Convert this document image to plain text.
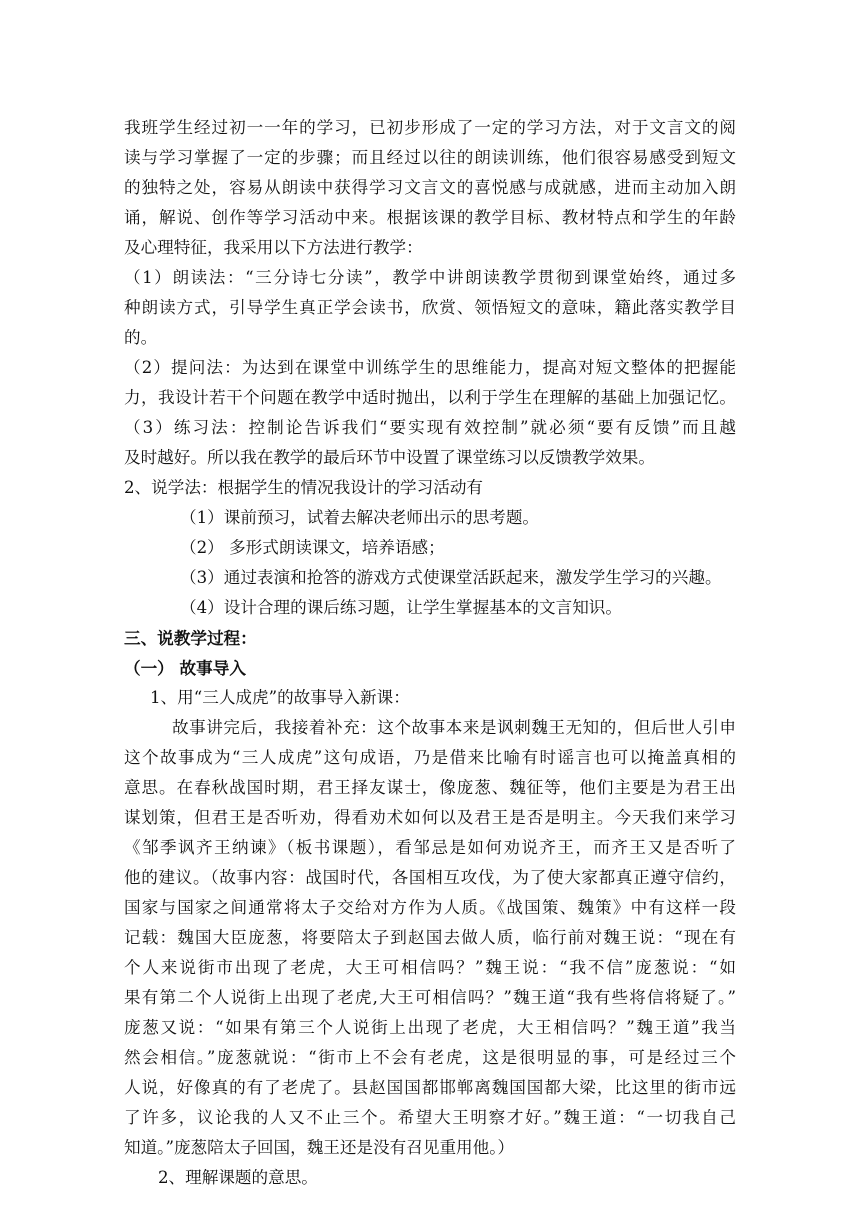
我班学生经过初一一年的学习，已初步形成了一定的学习方法，对于文言文的阅
读与学习掌握了一定的步骤；而且经过以往的朗读训练，他们很容易感受到短文
的独特之处，容易从朗读中获得学习文言文的喜悦感与成就感，进而主动加入朗
诵，解说、创作等学习活动中来。根据该课的教学目标、教材特点和学生的年龄
及心理特征，我采用以下方法进行教学：
（1）朗读法：“三分诗七分读”，教学中讲朗读教学贯彻到课堂始终，通过多
种朗读方式，引导学生真正学会读书，欣赏、领悟短文的意味，籍此落实教学目
的。
（2）提问法：为达到在课堂中训练学生的思维能力，提高对短文整体的把握能
力，我设计若干个问题在教学中适时抛出，以利于学生在理解的基础上加强记忆。
（3）练习法：控制论告诉我们“要实现有效控制”就必须“要有反馈”而且越
及时越好。所以我在教学的最后环节中设置了课堂练习以反馈教学效果。
2、说学法：根据学生的情况我设计的学习活动有
（1）课前预习，试着去解决老师出示的思考题。
（2） 多形式朗读课文，培养语感；
（3）通过表演和抢答的游戏方式使课堂活跃起来，激发学生学习的兴趣。
（4）设计合理的课后练习题，让学生掌握基本的文言知识。
三、说教学过程：
（一） 故事导入
1、用“三人成虎”的故事导入新课：
故事讲完后，我接着补充：这个故事本来是讽刺魏王无知的，但后世人引申
这个故事成为“三人成虎”这句成语，乃是借来比喻有时谣言也可以掩盖真相的
意思。在春秋战国时期，君王择友谋士，像庞葱、魏征等，他们主要是为君王出
谋划策，但君王是否听劝，得看劝术如何以及君王是否是明主。今天我们来学习
《邹季讽齐王纳谏》（板书课题），看邹忌是如何劝说齐王，而齐王又是否听了
他的建议。（故事内容：战国时代，各国相互攻伐，为了使大家都真正遵守信约，
国家与国家之间通常将太子交给对方作为人质。《战国策、魏策》中有这样一段
记载：魏国大臣庞葱，将要陪太子到赵国去做人质，临行前对魏王说：“现在有
个人来说街市出现了老虎，大王可相信吗？”魏王说：“我不信”庞葱说：“如
果有第二个人说街上出现了老虎,大王可相信吗？”魏王道“我有些将信将疑了。”
庞葱又说：“如果有第三个人说街上出现了老虎，大王相信吗？”魏王道”我当
然会相信。”庞葱就说：“街市上不会有老虎，这是很明显的事，可是经过三个
人说，好像真的有了老虎了。县赵国国都邯郸离魏国国都大梁，比这里的街市远
了许多，议论我的人又不止三个。希望大王明察才好。”魏王道：“一切我自己
知道。”庞葱陪太子回国，魏王还是没有召见重用他。）
2、理解课题的意思。
